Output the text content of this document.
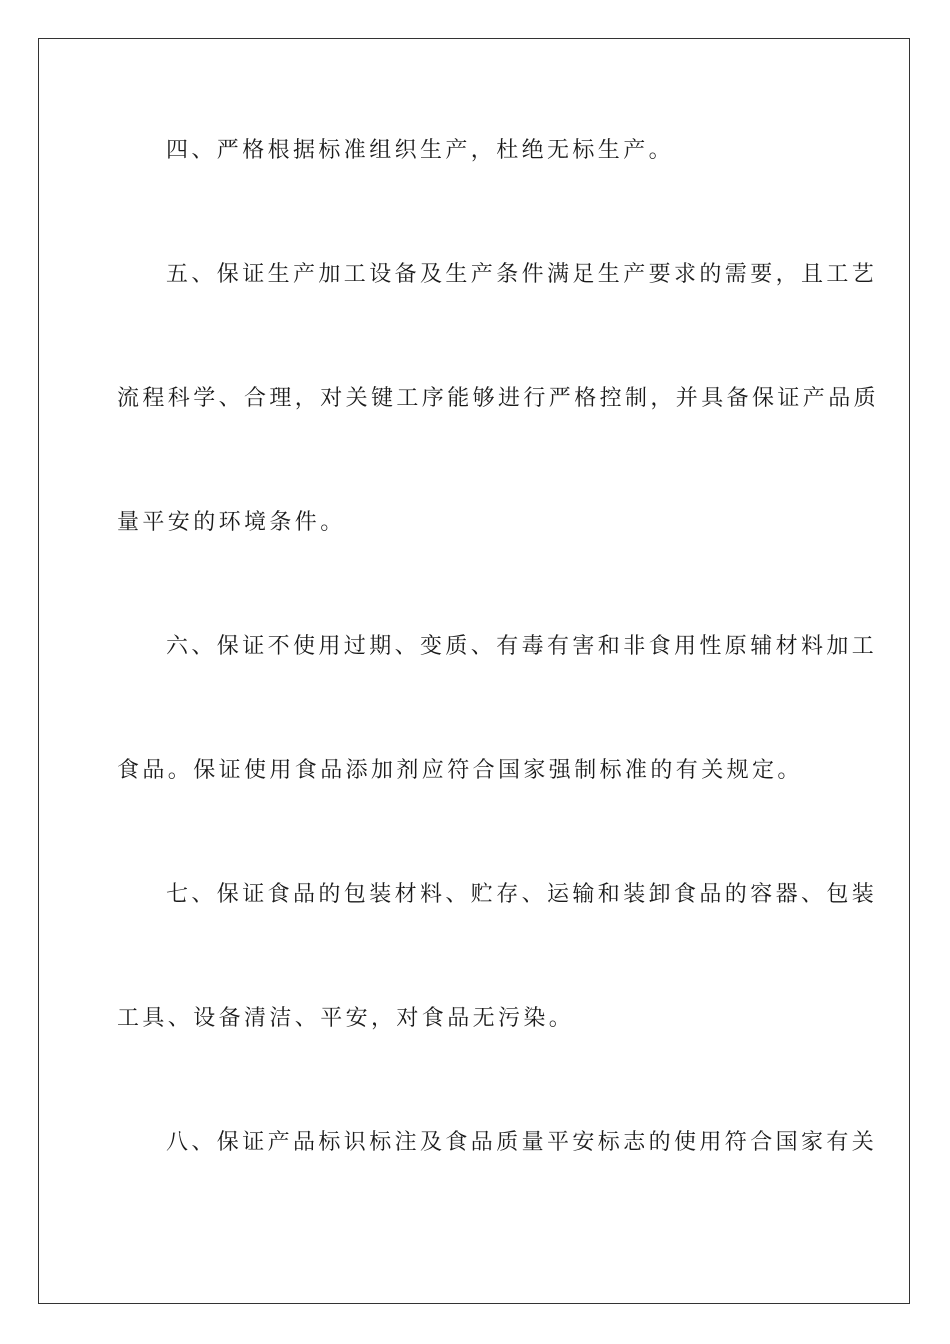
四、严格根据标准组织生产，杜绝无标生产。
五、保证生产加工设备及生产条件满足生产要求的需要，且工艺
流程科学、合理，对关键工序能够进行严格控制，并具备保证产品质
量平安的环境条件。
六、保证不使用过期、变质、有毒有害和非食用性原辅材料加工
食品。保证使用食品添加剂应符合国家强制标准的有关规定。
七、保证食品的包装材料、贮存、运输和装卸食品的容器、包装
工具、设备清洁、平安，对食品无污染。
八、保证产品标识标注及食品质量平安标志的使用符合国家有关
